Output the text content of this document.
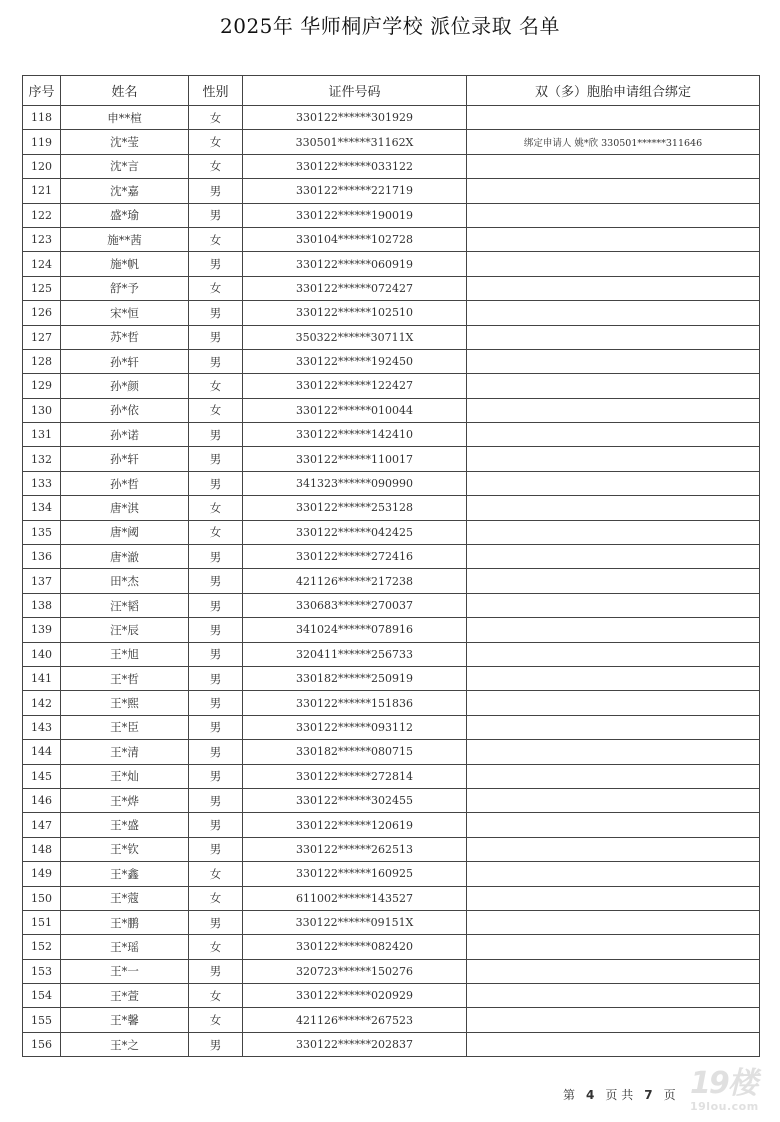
2025年 华师桐庐学校 派位录取 名单
序号	姓名	性别	证件号码	双（多）胞胎申请组合绑定
118	申**楦	女	330122******301929	
119	沈*莹	女	330501******31162X	绑定申请人 姚*欣 330501******311646
120	沈*言	女	330122******033122	
121	沈*嘉	男	330122******221719	
122	盛*瑜	男	330122******190019	
123	施**茜	女	330104******102728	
124	施*帆	男	330122******060919	
125	舒*予	女	330122******072427	
126	宋*恒	男	330122******102510	
127	苏*哲	男	350322******30711X	
128	孙*轩	男	330122******192450	
129	孙*颜	女	330122******122427	
130	孙*依	女	330122******010044	
131	孙*诺	男	330122******142410	
132	孙*轩	男	330122******110017	
133	孙*哲	男	341323******090990	
134	唐*淇	女	330122******253128	
135	唐*阈	女	330122******042425	
136	唐*澈	男	330122******272416	
137	田*杰	男	421126******217238	
138	汪*韬	男	330683******270037	
139	汪*辰	男	341024******078916	
140	王*旭	男	320411******256733	
141	王*哲	男	330182******250919	
142	王*熙	男	330122******151836	
143	王*臣	男	330122******093112	
144	王*清	男	330182******080715	
145	王*灿	男	330122******272814	
146	王*烨	男	330122******302455	
147	王*盛	男	330122******120619	
148	王*钦	男	330122******262513	
149	王*鑫	女	330122******160925	
150	王*蔻	女	611002******143527	
151	王*鹏	男	330122******09151X	
152	王*瑶	女	330122******082420	
153	王*一	男	320723******150276	
154	王*萱	女	330122******020929	
155	王*馨	女	421126******267523	
156	王*之	男	330122******202837	
第 4 页 共 7 页 19楼
19lou.com
